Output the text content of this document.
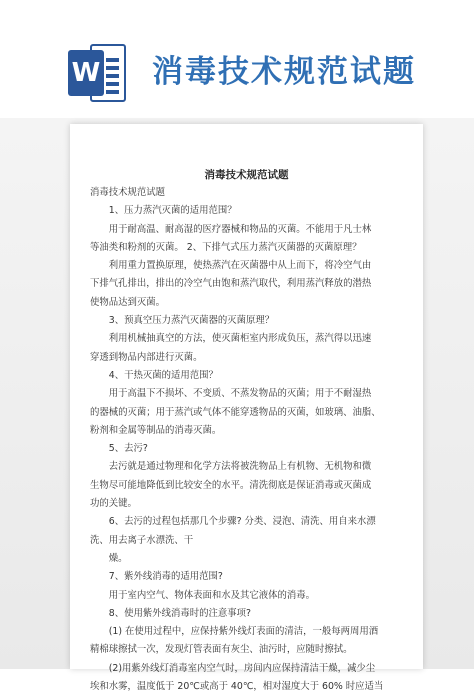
W 消毒技术规范试题
消毒技术规范试题
消毒技术规范试题
　　1、压力蒸汽灭菌的适用范围？
　　用于耐高温、耐高湿的医疗器械和物品的灭菌。不能用于凡士林
等油类和粉剂的灭菌。 2、下排气式压力蒸汽灭菌器的灭菌原理？
　　利用重力置换原理，使热蒸汽在灭菌器中从上而下，将冷空气由
下排气孔排出，排出的冷空气由饱和蒸汽取代，利用蒸汽释放的潜热
使物品达到灭菌。
　　3、预真空压力蒸汽灭菌器的灭菌原理？
　　利用机械抽真空的方法，使灭菌柜室内形成负压，蒸汽得以迅速
穿透到物品内部进行灭菌。
　　4、干热灭菌的适用范围？
　　用于高温下不损坏、不变质、不蒸发物品的灭菌；用于不耐湿热
的器械的灭菌；用于蒸汽或气体不能穿透物品的灭菌，如玻璃、油脂、
粉剂和金属等制品的消毒灭菌。
　　5、去污?
　　去污就是通过物理和化学方法将被洗物品上有机物、无机物和微
生物尽可能地降低到比较安全的水平。清洗彻底是保证消毒或灭菌成
功的关键。
　　6、去污的过程包括那几个步骤? 分类、浸泡、清洗、用自来水漂
洗、用去离子水漂洗、干
　　燥。
　　7、紫外线消毒的适用范围?
　　用于室内空气、物体表面和水及其它液体的消毒。
　　8、使用紫外线消毒时的注意事项?
　　(1) 在使用过程中，应保持紫外线灯表面的清洁，一般每两周用酒
精棉球擦拭一次，发现灯管表面有灰尘、油污时，应随时擦拭。
　　(2)用紫外线灯消毒室内空气时，房间内应保持清洁干燥，减少尘
埃和水雾，温度低于 20℃或高于 40℃，相对湿度大于 60% 时应适当
